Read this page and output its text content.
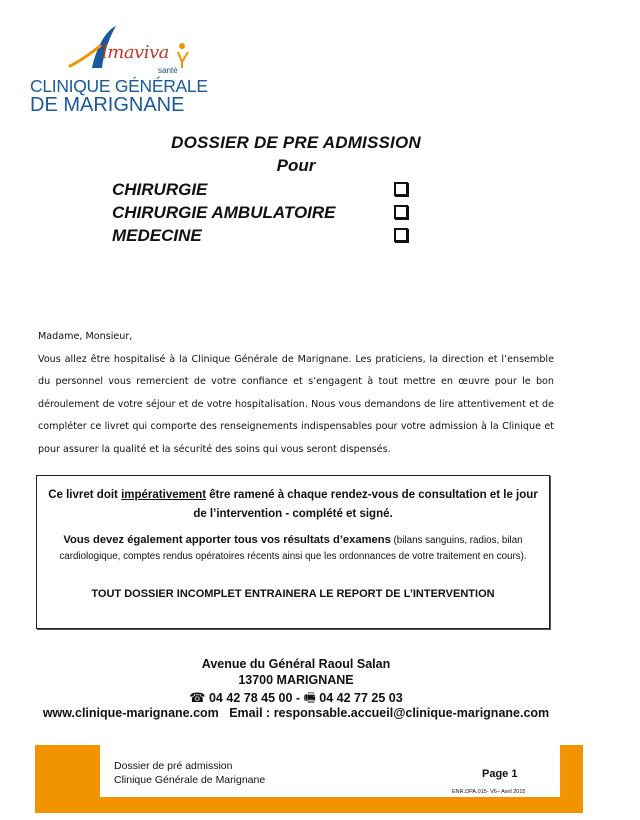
lmaviva
santé
CLINIQUE GÉNÉRALE
DE MARIGNANE
DOSSIER DE PRE ADMISSION
Pour
CHIRURGIE
CHIRURGIE AMBULATOIRE
MEDECINE

Madame, Monsieur,

Vous allez être hospitalisé à la Clinique Générale de Marignane. Les praticiens, la direction et l’ensemble du personnel vous remercient de votre confiance et s’engagent à tout mettre en œuvre pour le bon déroulement de votre séjour et de votre hospitalisation. Nous vous demandons de lire attentivement et de compléter ce livret qui comporte des renseignements indispensables pour votre admission à la Clinique et pour assurer la qualité et la sécurité des soins qui vous seront dispensés.

Ce livret doit impérativement être ramené à chaque rendez-vous de consultation et le jour de l’intervention - complété et signé.
Vous devez également apporter tous vos résultats d’examens (bilans sanguins, radios, bilan cardiologique, comptes rendus opératoires récents ainsi que les ordonnances de votre traitement en cours).
TOUT DOSSIER INCOMPLET ENTRAINERA LE REPORT DE L’INTERVENTION
Avenue du Général Raoul Salan
13700 MARIGNANE
☎ 04 42 78 45 00 - 🖷 04 42 77 25 03
www.clinique-marignane.com Email : responsable.accueil@clinique-marignane.com
Dossier de pré admission
Clinique Générale de Marignane	Page 1
ENR.DPA.015- V6– Avril 2015
